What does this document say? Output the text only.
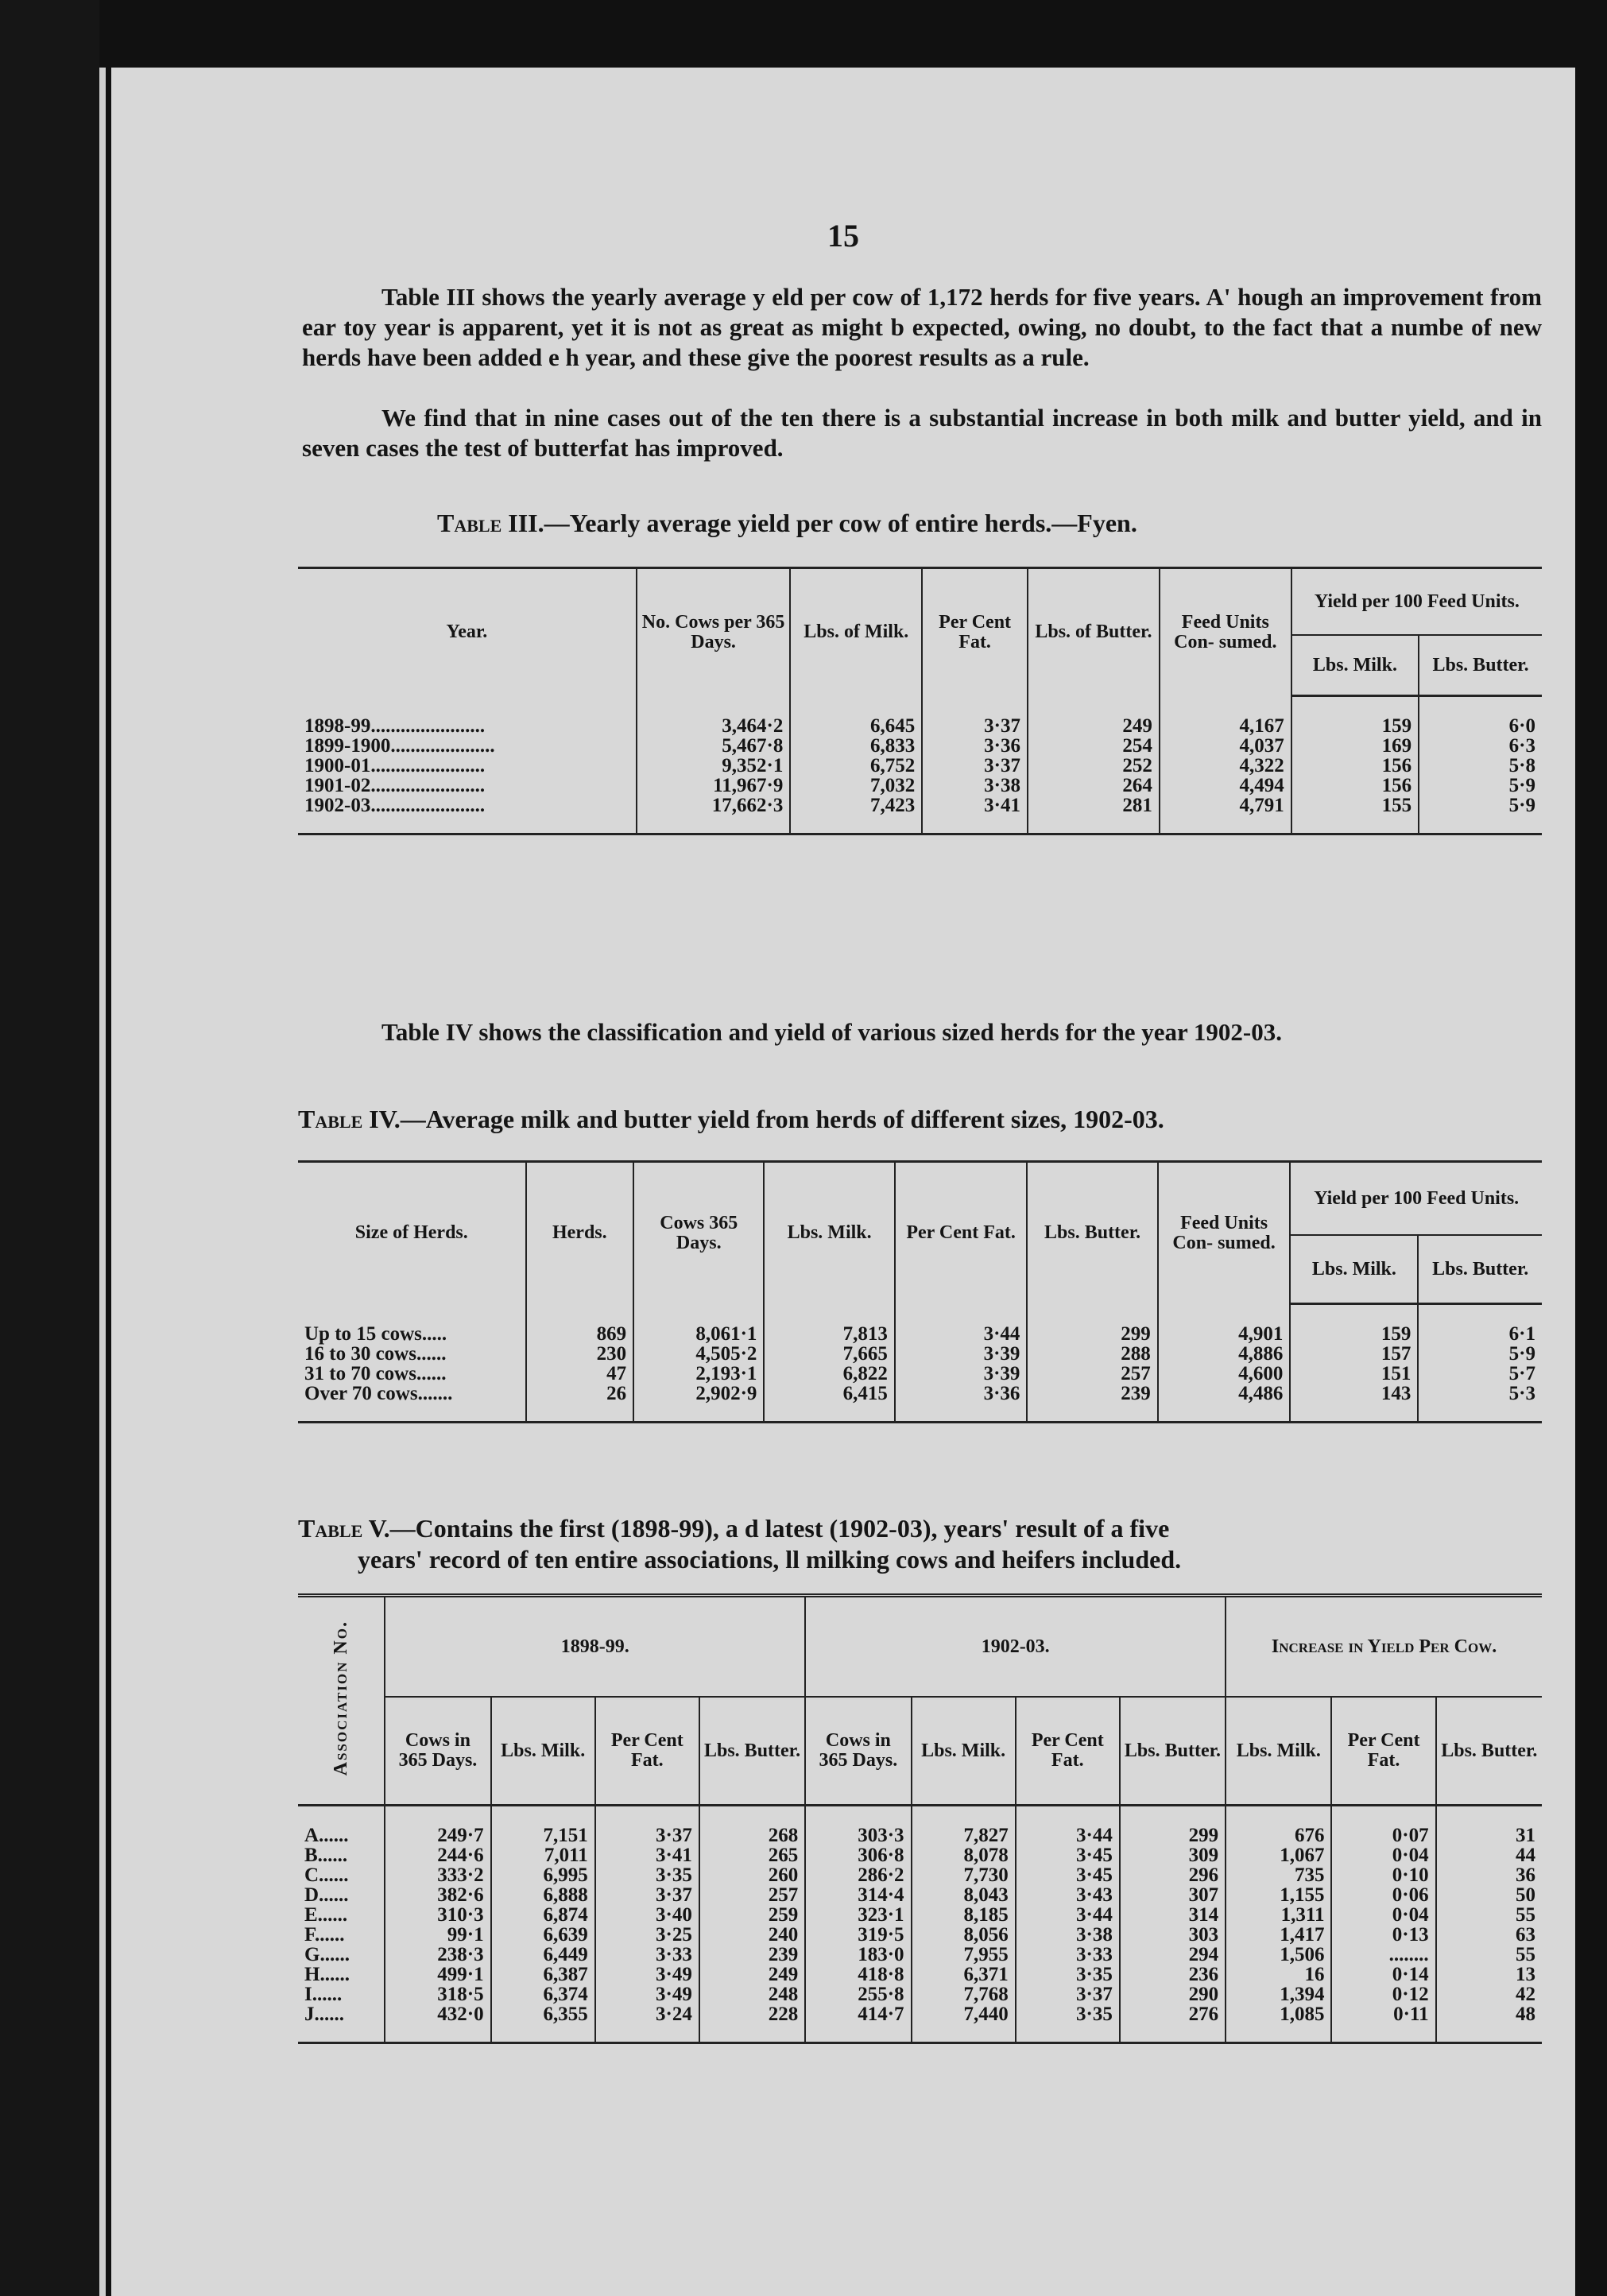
15

Table III shows the yearly average y eld per cow of 1,172 herds for five years. A' hough an improvement from ear toy year is apparent, yet it is not as great as might b expected, owing, no doubt, to the fact that a numbe of new herds have been added e h year, and these give the poorest results as a rule.

We find that in nine cases out of the ten there is a substantial increase in both milk and butter yield, and in seven cases the test of butterfat has improved.

Table III.—Yearly average yield per cow of entire herds.—Fyen.
Year.	No. Cows per 365 Days.	Lbs. of Milk.	Per Cent Fat.	Lbs. of Butter.	Feed Units Con- sumed.	Yield per 100 Feed Units.	
						Lbs. Milk.	Lbs. Butter.

1898-99.......................	3,464·2	6,645	3·37	249	4,167	159	6·0
1899-1900.....................	5,467·8	6,833	3·36	254	4,037	169	6·3
1900-01.......................	9,352·1	6,752	3·37	252	4,322	156	5·8
1901-02.......................	11,967·9	7,032	3·38	264	4,494	156	5·9
1902-03.......................	17,662·3	7,423	3·41	281	4,791	155	5·9

Table IV shows the classification and yield of various sized herds for the year 1902-03.

Table IV.—Average milk and butter yield from herds of different sizes, 1902-03.
Size of Herds.	Herds.	Cows 365 Days.	Lbs. Milk.	Per Cent Fat.	Lbs. Butter.	Feed Units Con- sumed.	Yield per 100 Feed Units.	
							Lbs. Milk.	Lbs. Butter.

Up to 15 cows.....	869	8,061·1	7,813	3·44	299	4,901	159	6·1
16 to 30 cows......	230	4,505·2	7,665	3·39	288	4,886	157	5·9
31 to 70 cows......	47	2,193·1	6,822	3·39	257	4,600	151	5·7
Over 70 cows.......	26	2,902·9	6,415	3·36	239	4,486	143	5·3

Table V.—Contains the first (1898-99), a d latest (1902-03), years' result of a five
years' record of ten entire associations, ll milking cows and heifers included.
Association No.	1898-99.				1902-03.				Increase in Yield Per Cow.		
	Cows in 365 Days.	Lbs. Milk.	Per Cent Fat.	Lbs. Butter.	Cows in 365 Days.	Lbs. Milk.	Per Cent Fat.	Lbs. Butter.	Lbs. Milk.	Per Cent Fat.	Lbs. Butter.

A......	249·7	7,151	3·37	268	303·3	7,827	3·44	299	676	0·07	31
B......	244·6	7,011	3·41	265	306·8	8,078	3·45	309	1,067	0·04	44
C......	333·2	6,995	3·35	260	286·2	7,730	3·45	296	735	0·10	36
D......	382·6	6,888	3·37	257	314·4	8,043	3·43	307	1,155	0·06	50
E......	310·3	6,874	3·40	259	323·1	8,185	3·44	314	1,311	0·04	55
F......	99·1	6,639	3·25	240	319·5	8,056	3·38	303	1,417	0·13	63
G......	238·3	6,449	3·33	239	183·0	7,955	3·33	294	1,506	........	55
H......	499·1	6,387	3·49	249	418·8	6,371	3·35	236	16	0·14	13
I......	318·5	6,374	3·49	248	255·8	7,768	3·37	290	1,394	0·12	42
J......	432·0	6,355	3·24	228	414·7	7,440	3·35	276	1,085	0·11	48
